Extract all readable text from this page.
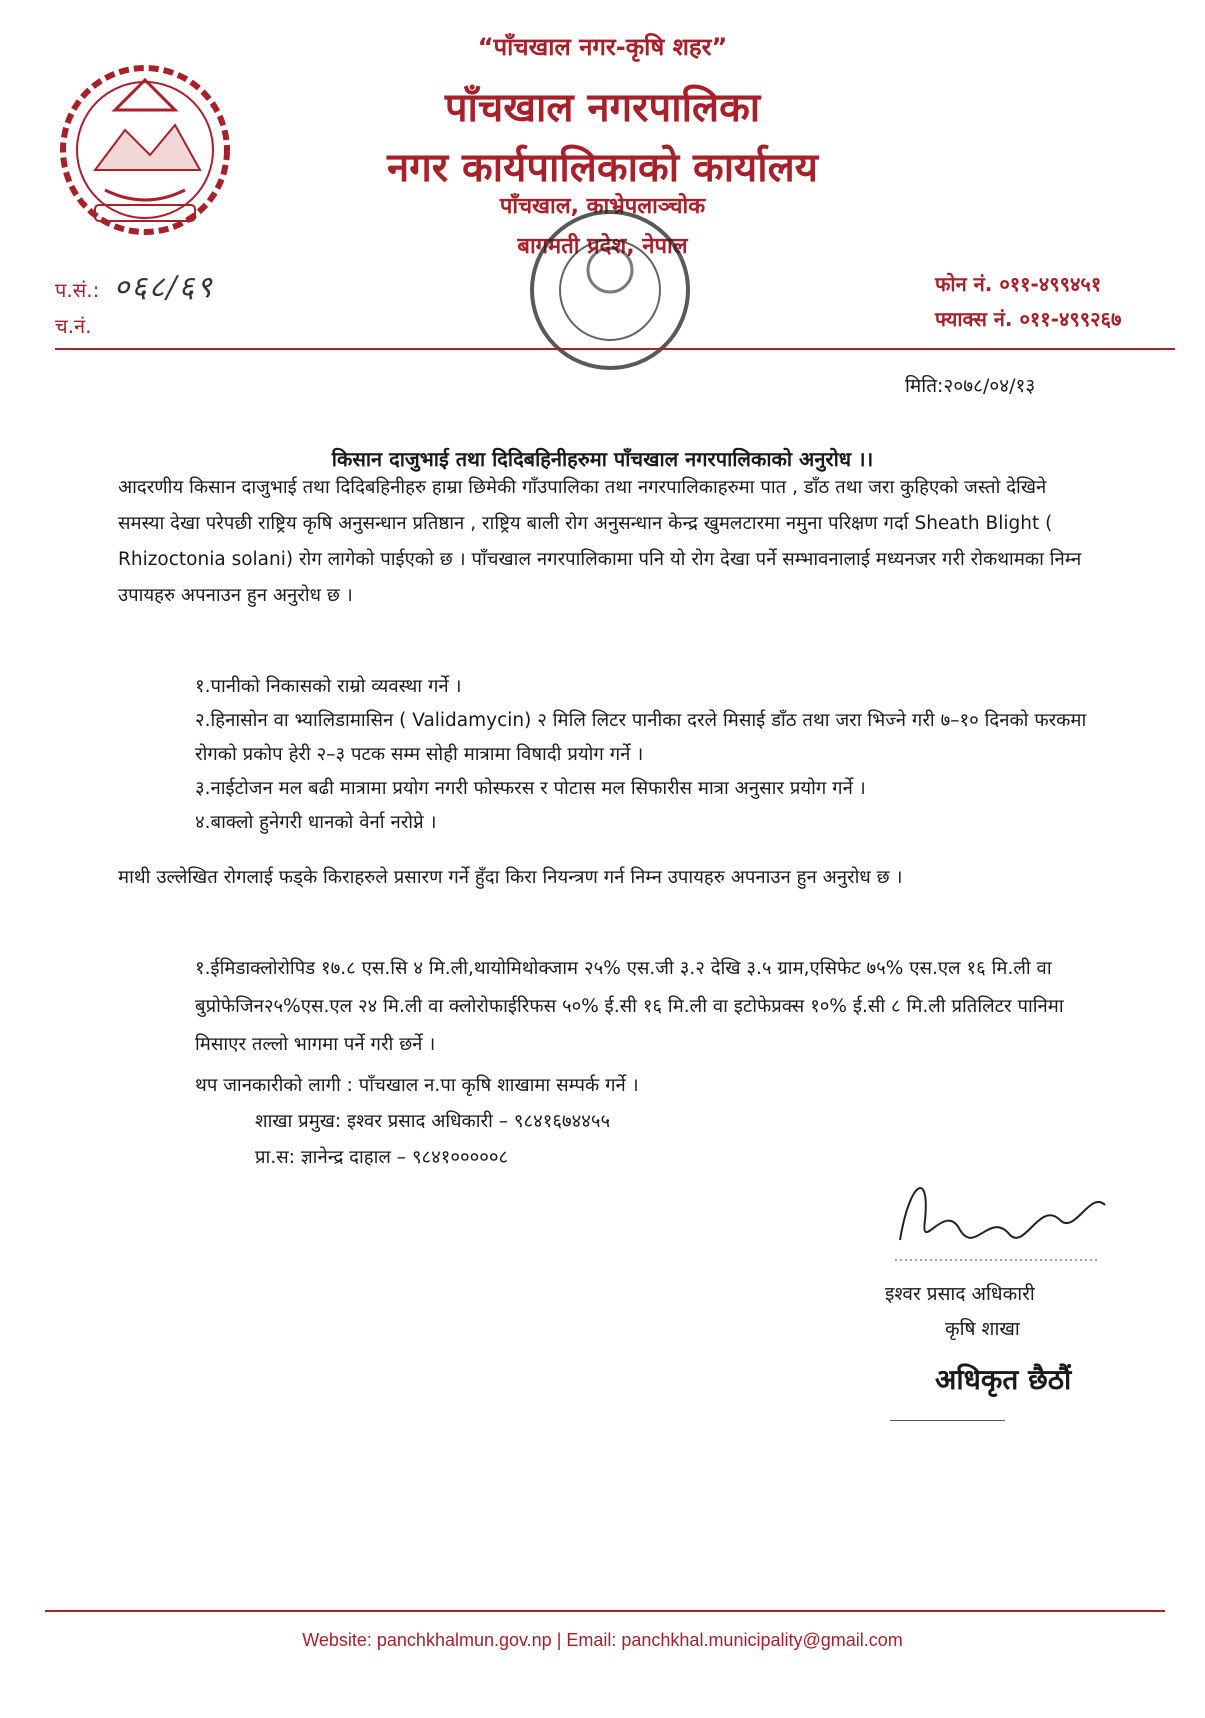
“पाँचखाल नगर-कृषि शहर”
पाँचखाल नगरपालिका
नगर कार्यपालिकाको कार्यालय
पाँचखाल, काभ्रेपलाञ्चोक
बागमती प्रदेश, नेपाल
प.सं.: ०६८/६९
च.नं.
फोन नं. ०११-४९९४५१
फ्याक्स नं. ०११-४९९२६७
मिति:२०७८/०४/१३
किसान दाजुभाई तथा दिदिबहिनीहरुमा पाँचखाल नगरपालिकाको अनुरोध ।।
आदरणीय किसान दाजुभाई तथा दिदिबहिनीहरु हाम्रा छिमेकी गाँउपालिका तथा नगरपालिकाहरुमा पात , डाँठ तथा जरा कुहिएको जस्तो देखिने समस्या देखा परेपछी राष्ट्रिय कृषि अनुसन्धान प्रतिष्ठान , राष्ट्रिय बाली रोग अनुसन्धान केन्द्र खुमलटारमा नमुना परिक्षण गर्दा Sheath Blight ( Rhizoctonia solani) रोग लागेको पाईएको छ । पाँचखाल नगरपालिकामा पनि यो रोग देखा पर्ने सम्भावनालाई मध्यनजर गरी रोकथामका निम्न उपायहरु अपनाउन हुन अनुरोध छ ।
१.पानीको निकासको राम्रो व्यवस्था गर्ने ।
२.हिनासोन वा भ्यालिडामासिन ( Validamycin) २ मिलि लिटर पानीका दरले मिसाई डाँठ तथा जरा भिज्ने गरी ७–१० दिनको फरकमा रोगको प्रकोप हेरी २–३ पटक सम्म सोही मात्रामा विषादी प्रयोग गर्ने ।
३.नाईटोजन मल बढी मात्रामा प्रयोग नगरी फोस्फरस र पोटास मल सिफारीस मात्रा अनुसार प्रयोग गर्ने ।
४.बाक्लो हुनेगरी धानको वेर्ना नरोप्ने ।
माथी उल्लेखित रोगलाई फड्के किराहरुले प्रसारण गर्ने हुँदा किरा नियन्त्रण गर्न निम्न उपायहरु अपनाउन हुन अनुरोध छ ।
१.ईमिडाक्लोरोपिड १७.८ एस.सि ४ मि.ली,थायोमिथोक्जाम २५% एस.जी ३.२ देखि ३.५ ग्राम,एसिफेट ७५% एस.एल १६ मि.ली वा बुप्रोफेजिन२५%एस.एल २४ मि.ली वा क्लोरोफाईरिफस ५०% ई.सी १६ मि.ली वा इटोफेप्रक्स १०% ई.सी ८ मि.ली प्रतिलिटर पानिमा मिसाएर तल्लो भागमा पर्ने गरी छर्ने ।
थप जानकारीको लागी : पाँचखाल न.पा कृषि शाखामा सम्पर्क गर्ने ।
शाखा प्रमुख: इश्वर प्रसाद अधिकारी – ९८४१६७४४५५
प्रा.स: ज्ञानेन्द्र दाहाल – ९८४१०००००८
इश्वर प्रसाद अधिकारी
कृषि शाखा
अधिकृत छैठौं
Website: panchkhalmun.gov.np | Email: panchkhal.municipality@gmail.com
